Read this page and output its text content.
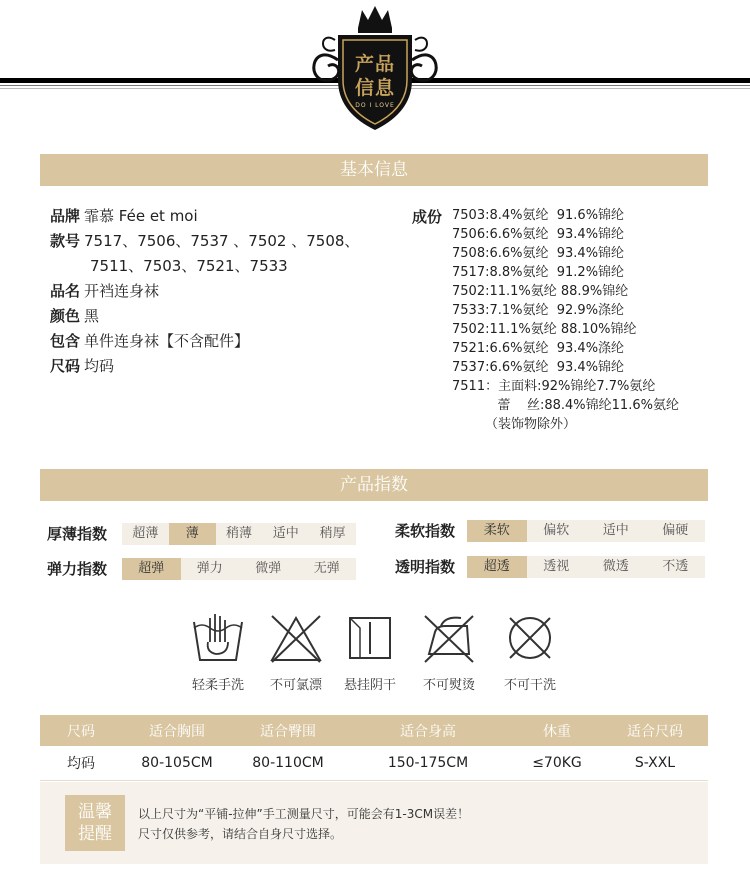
产品
信息
DO I LOVE
基本信息
品牌 霏慕 Fée et moi
款号 7517、7506、7537 、7502 、7508、
7511、7503、7521、7533
品名 开裆连身袜
颜色 黑
包含 单件连身袜【不含配件】
尺码 均码
成份 7503:8.4%氨纶  91.6%锦纶
7506:6.6%氨纶  93.4%锦纶
7508:6.6%氨纶  93.4%锦纶
7517:8.8%氨纶  91.2%锦纶
7502:11.1%氨纶 88.9%锦纶
7533:7.1%氨纶  92.9%涤纶
7502:11.1%氨纶 88.10%锦纶
7521:6.6%氨纶  93.4%涤纶
7537:6.6%氨纶  93.4%锦纶
7511：主面料:92%锦纶7.7%氨纶
蕾    丝:88.4%锦纶11.6%氨纶
（装饰物除外）
产品指数
厚薄指数	超薄	薄	稍薄	适中	稍厚	柔软指数	柔软	偏软	适中	偏硬
弹力指数	超弹	弹力	微弹	无弹	透明指数	超透	透视	微透	不透
轻柔手洗	不可氯漂	悬挂阴干	不可熨烫	不可干洗
尺码	适合胸围	适合臀围	适合身高	休重	适合尺码
均码	80-105CM	80-110CM	150-175CM	≤70KG	S-XXL
温馨
提醒
以上尺寸为“平铺-拉伸”手工测量尺寸，可能会有1-3CM误差！
尺寸仅供参考，请结合自身尺寸选择。
